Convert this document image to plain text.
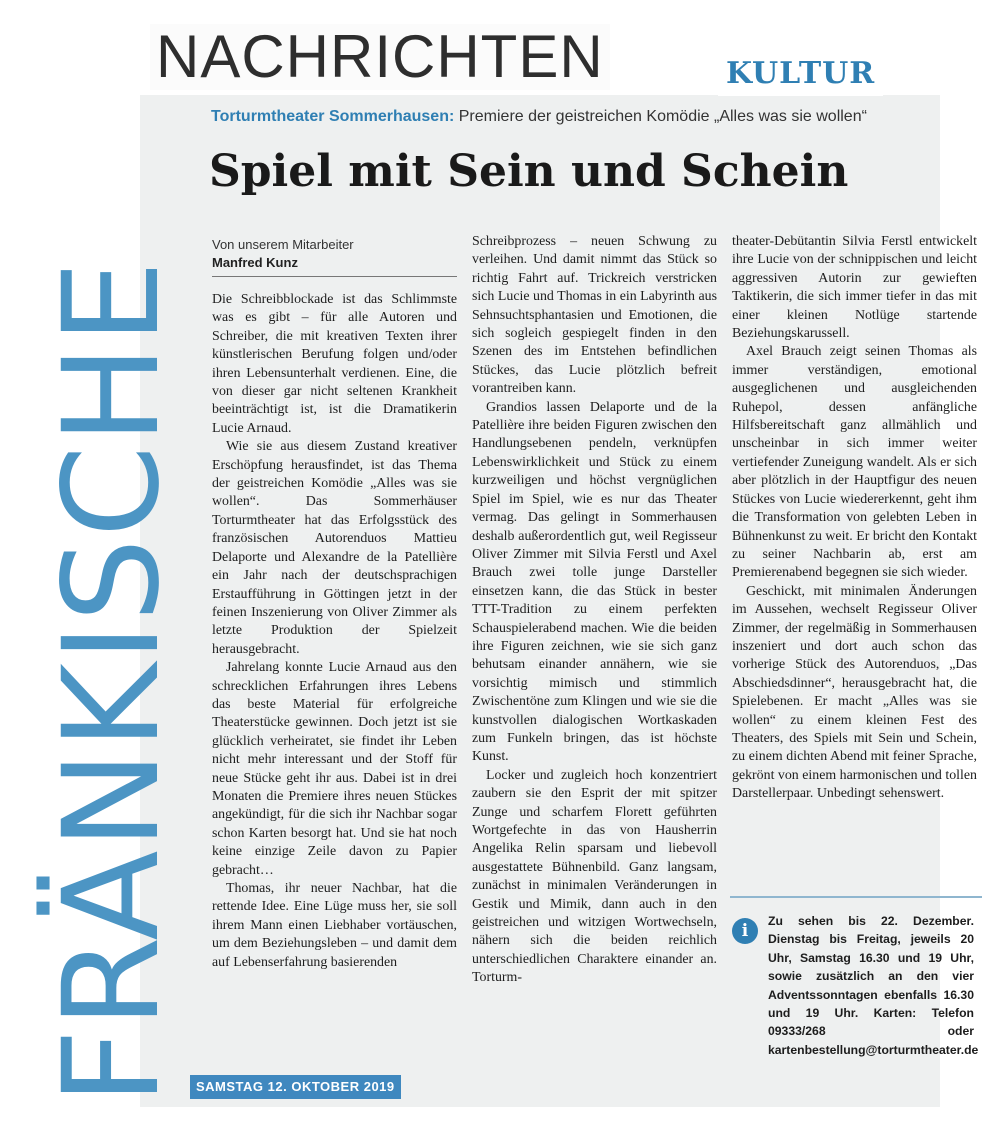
FRÄNKISCHE
NACHRICHTEN	KULTUR
Torturmtheater Sommerhausen: Premiere der geistreichen Komödie „Alles was sie wollen“
Spiel mit Sein und Schein
Von unserem Mitarbeiter
Manfred Kunz

Die Schreibblockade ist das Schlimmste was es gibt – für alle Autoren und Schreiber, die mit kreativen Texten ihrer künstlerischen Berufung folgen und/oder ihren Lebensunterhalt verdienen. Eine, die von dieser gar nicht seltenen Krankheit beeinträchtigt ist, ist die Dramatikerin Lucie Arnaud.

Wie sie aus diesem Zustand kreativer Erschöpfung herausfindet, ist das Thema der geistreichen Komödie „Alles was sie wollen“. Das Sommerhäuser Torturmtheater hat das Erfolgsstück des französischen Autorenduos Mattieu Delaporte und Alexandre de la Patellière ein Jahr nach der deutschsprachigen Erstaufführung in Göttingen jetzt in der feinen Inszenierung von Oliver Zimmer als letzte Produktion der Spielzeit herausgebracht.

Jahrelang konnte Lucie Arnaud aus den schrecklichen Erfahrungen ihres Lebens das beste Material für erfolgreiche Theaterstücke gewinnen. Doch jetzt ist sie glücklich verheiratet, sie findet ihr Leben nicht mehr interessant und der Stoff für neue Stücke geht ihr aus. Dabei ist in drei Monaten die Premiere ihres neuen Stückes angekündigt, für die sich ihr Nachbar sogar schon Karten besorgt hat. Und sie hat noch keine einzige Zeile davon zu Papier gebracht…

Thomas, ihr neuer Nachbar, hat die rettende Idee. Eine Lüge muss her, sie soll ihrem Mann einen Liebhaber vortäuschen, um dem Beziehungsleben – und damit dem auf Lebenserfahrung basierenden

Schreibprozess – neuen Schwung zu verleihen. Und damit nimmt das Stück so richtig Fahrt auf. Trickreich verstricken sich Lucie und Thomas in ein Labyrinth aus Sehnsuchtsphantasien und Emotionen, die sich sogleich gespiegelt finden in den Szenen des im Entstehen befindlichen Stückes, das Lucie plötzlich befreit vorantreiben kann.

Grandios lassen Delaporte und de la Patellière ihre beiden Figuren zwischen den Handlungsebenen pendeln, verknüpfen Lebenswirklichkeit und Stück zu einem kurzweiligen und höchst vergnüglichen Spiel im Spiel, wie es nur das Theater vermag. Das gelingt in Sommerhausen deshalb außerordentlich gut, weil Regisseur Oliver Zimmer mit Silvia Ferstl und Axel Brauch zwei tolle junge Darsteller einsetzen kann, die das Stück in bester TTT-Tradition zu einem perfekten Schauspielerabend machen. Wie die beiden ihre Figuren zeichnen, wie sie sich ganz behutsam einander annähern, wie sie vorsichtig mimisch und stimmlich Zwischentöne zum Klingen und wie sie die kunstvollen dialogischen Wortkaskaden zum Funkeln bringen, das ist höchste Kunst.

Locker und zugleich hoch konzentriert zaubern sie den Esprit der mit spitzer Zunge und scharfem Florett geführten Wortgefechte in das von Hausherrin Angelika Relin sparsam und liebevoll ausgestattete Bühnenbild. Ganz langsam, zunächst in minimalen Veränderungen in Gestik und Mimik, dann auch in den geistreichen und witzigen Wortwechseln, nähern sich die beiden reichlich unterschiedlichen Charaktere einander an. Torturm-

theater-Debütantin Silvia Ferstl entwickelt ihre Lucie von der schnippischen und leicht aggressiven Autorin zur gewieften Taktikerin, die sich immer tiefer in das mit einer kleinen Notlüge startende Beziehungskarussell.

Axel Brauch zeigt seinen Thomas als immer verständigen, emotional ausgeglichenen und ausgleichenden Ruhepol, dessen anfängliche Hilfsbereitschaft ganz allmählich und unscheinbar in sich immer weiter vertiefender Zuneigung wandelt. Als er sich aber plötzlich in der Hauptfigur des neuen Stückes von Lucie wiedererkennt, geht ihm die Transformation von gelebten Leben in Bühnenkunst zu weit. Er bricht den Kontakt zu seiner Nachbarin ab, erst am Premierenabend begegnen sie sich wieder.

Geschickt, mit minimalen Änderungen im Aussehen, wechselt Regisseur Oliver Zimmer, der regelmäßig in Sommerhausen inszeniert und dort auch schon das vorherige Stück des Autorenduos, „Das Abschiedsdinner“, herausgebracht hat, die Spielebenen. Er macht „Alles was sie wollen“ zu einem kleinen Fest des Theaters, des Spiels mit Sein und Schein, zu einem dichten Abend mit feiner Sprache, gekrönt von einem harmonischen und tollen Darstellerpaar. Unbedingt sehenswert.

i	Zu sehen bis 22. Dezember. Dienstag bis Freitag, jeweils 20 Uhr, Samstag 16.30 und 19 Uhr, sowie zusätzlich an den vier Adventssonntagen ebenfalls 16.30 und 19 Uhr. Karten: Telefon 09333/268 oder kartenbestellung@torturmtheater.de
SAMSTAG 12. OKTOBER 2019
